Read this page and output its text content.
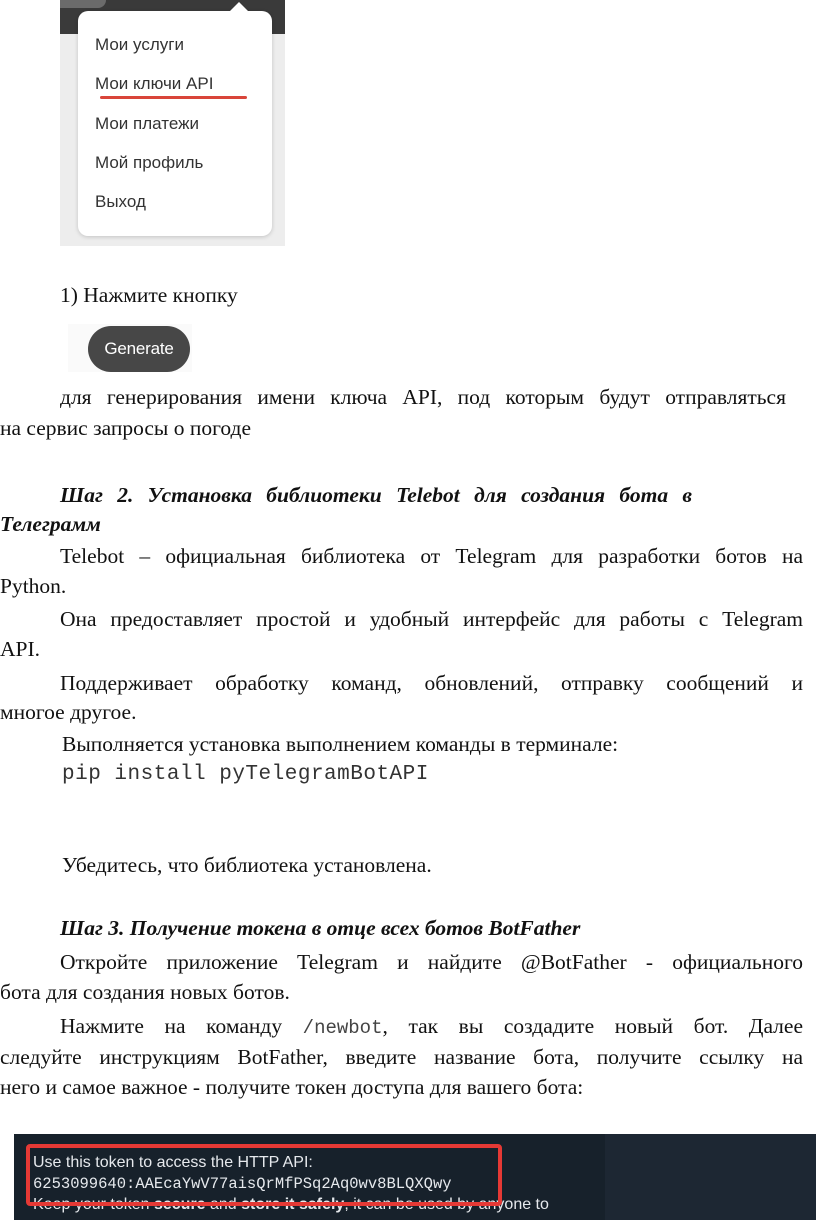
Мои услуги
Мои ключи API
Мои платежи
Мой профиль
Выход
1) Нажмите кнопку
Generate
для генерирования имени ключа API, под которым будут отправляться
на сервис запросы о погоде
Шаг 2. Установка библиотеки Telebot для создания бота в
Телеграмм
Telebot – официальная библиотека от Telegram для разработки ботов на
Python.
Она предоставляет простой и удобный интерфейс для работы с Telegram
API.
Поддерживает обработку команд, обновлений, отправку сообщений и
многое другое.
Выполняется установка выполнением команды в терминале:
pip install pyTelegramBotAPI
Убедитесь, что библиотека установлена.
Шаг 3. Получение токена в отце всех ботов BotFather
Откройте приложение Telegram и найдите @BotFather - официального
бота для создания новых ботов.
Нажмите на команду /newbot, так вы создадите новый бот. Далее
следуйте инструкциям BotFather, введите название бота, получите ссылку на
него и самое важное - получите токен доступа для вашего бота:
Use this token to access the HTTP API:
6253099640:AAEcaYwV77aisQrMfPSq2Aq0wv8BLQXQwy
Keep your token secure and store it safely, it can be used by anyone to
